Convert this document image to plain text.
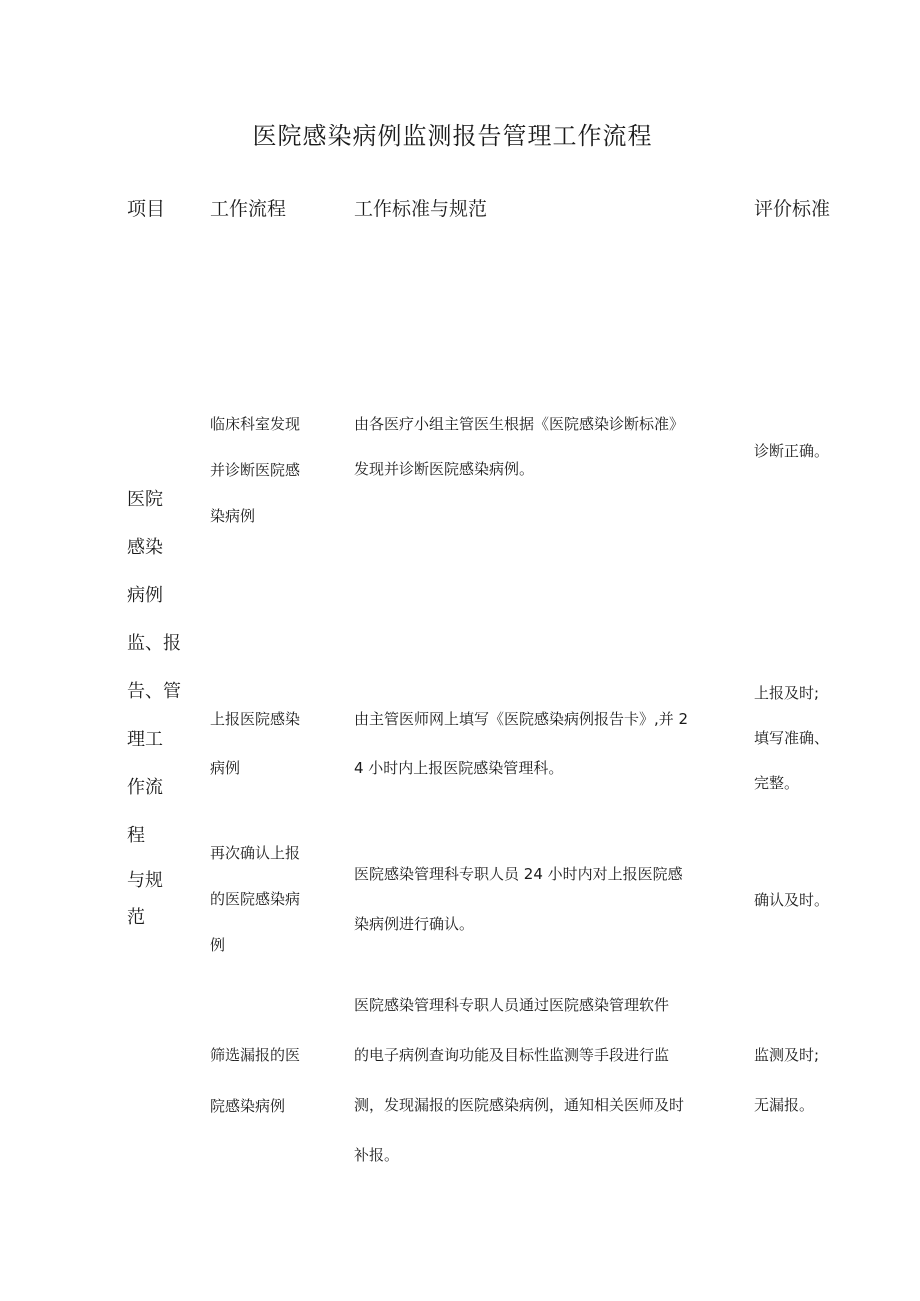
医院感染病例监测报告管理工作流程
项目 工作流程	工作标准与规范	评价标准
医院
感染
病例
监、报
告、管
理工
作流
程
与规
范
临床科室发现
并诊断医院感
染病例
由各医疗小组主管医生根据《医院感染诊断标准》
发现并诊断医院感染病例。
诊断正确。
上报医院感染
病例
由主管医师网上填写《医院感染病例报告卡》,并 2
4 小时内上报医院感染管理科。
上报及时;
填写准确、
完整。
再次确认上报
的医院感染病
例
医院感染管理科专职人员 24 小时内对上报医院感
染病例进行确认。
确认及时。
筛选漏报的医
院感染病例
医院感染管理科专职人员通过医院感染管理软件
的电子病例查询功能及目标性监测等手段进行监
测，发现漏报的医院感染病例，通知相关医师及时
补报。
监测及时;
无漏报。
